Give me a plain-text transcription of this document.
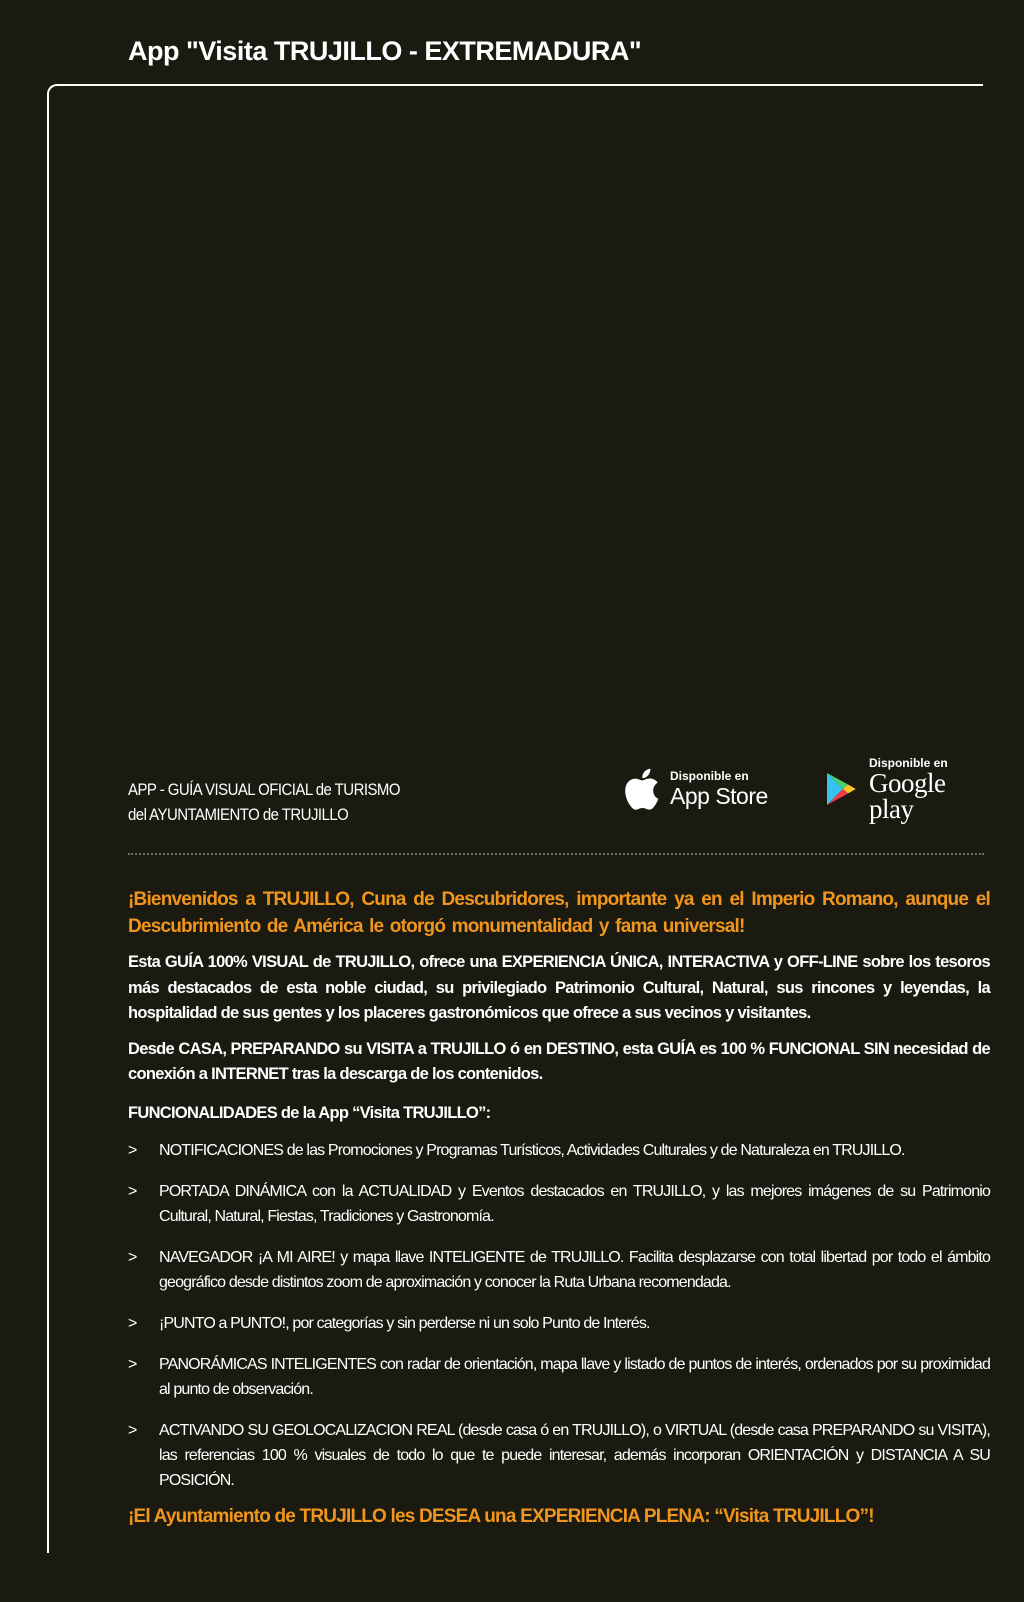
App "Visita TRUJILLO - EXTREMADURA"
APP - GUÍA VISUAL OFICIAL de TURISMO
del AYUNTAMIENTO de TRUJILLO
Disponible en
App Store
Disponible en
Google play

¡Bienvenidos a TRUJILLO, Cuna de Descubridores, importante ya en el Imperio Romano, aunque el Descubrimiento de América le otorgó monumentalidad y fama universal!

Esta GUÍA 100% VISUAL de TRUJILLO, ofrece una EXPERIENCIA ÚNICA, INTERACTIVA y OFF-LINE sobre los tesoros más destacados de esta noble ciudad, su privilegiado Patrimonio Cultural, Natural, sus rincones y leyendas, la hospitalidad de sus gentes y los placeres gastronómicos que ofrece a sus vecinos y visitantes.

Desde CASA, PREPARANDO su VISITA a TRUJILLO ó en DESTINO, esta GUÍA es 100 % FUNCIONAL SIN necesidad de conexión a INTERNET tras la descarga de los contenidos.

FUNCIONALIDADES de la App “Visita TRUJILLO”:

> NOTIFICACIONES de las Promociones y Programas Turísticos, Actividades Culturales y de Naturaleza en TRUJILLO.
> PORTADA DINÁMICA con la ACTUALIDAD y Eventos destacados en TRUJILLO, y las mejores imágenes de su Patrimonio Cultural, Natural, Fiestas, Tradiciones y Gastronomía.
> NAVEGADOR ¡A MI AIRE! y mapa llave INTELIGENTE de TRUJILLO. Facilita desplazarse con total libertad por todo el ámbito geográfico desde distintos zoom de aproximación y conocer la Ruta Urbana recomendada.
> ¡PUNTO a PUNTO!, por categorías y sin perderse ni un solo Punto de Interés.
> PANORÁMICAS INTELIGENTES con radar de orientación, mapa llave y listado de puntos de interés, ordenados por su proximidad al punto de observación.
> ACTIVANDO SU GEOLOCALIZACION REAL (desde casa ó en TRUJILLO), o VIRTUAL (desde casa PREPARANDO su VISITA), las referencias 100 % visuales de todo lo que te puede interesar, además incorporan ORIENTACIÓN y DISTANCIA A SU POSICIÓN.

¡El Ayuntamiento de TRUJILLO les DESEA una EXPERIENCIA PLENA: “Visita TRUJILLO”!
